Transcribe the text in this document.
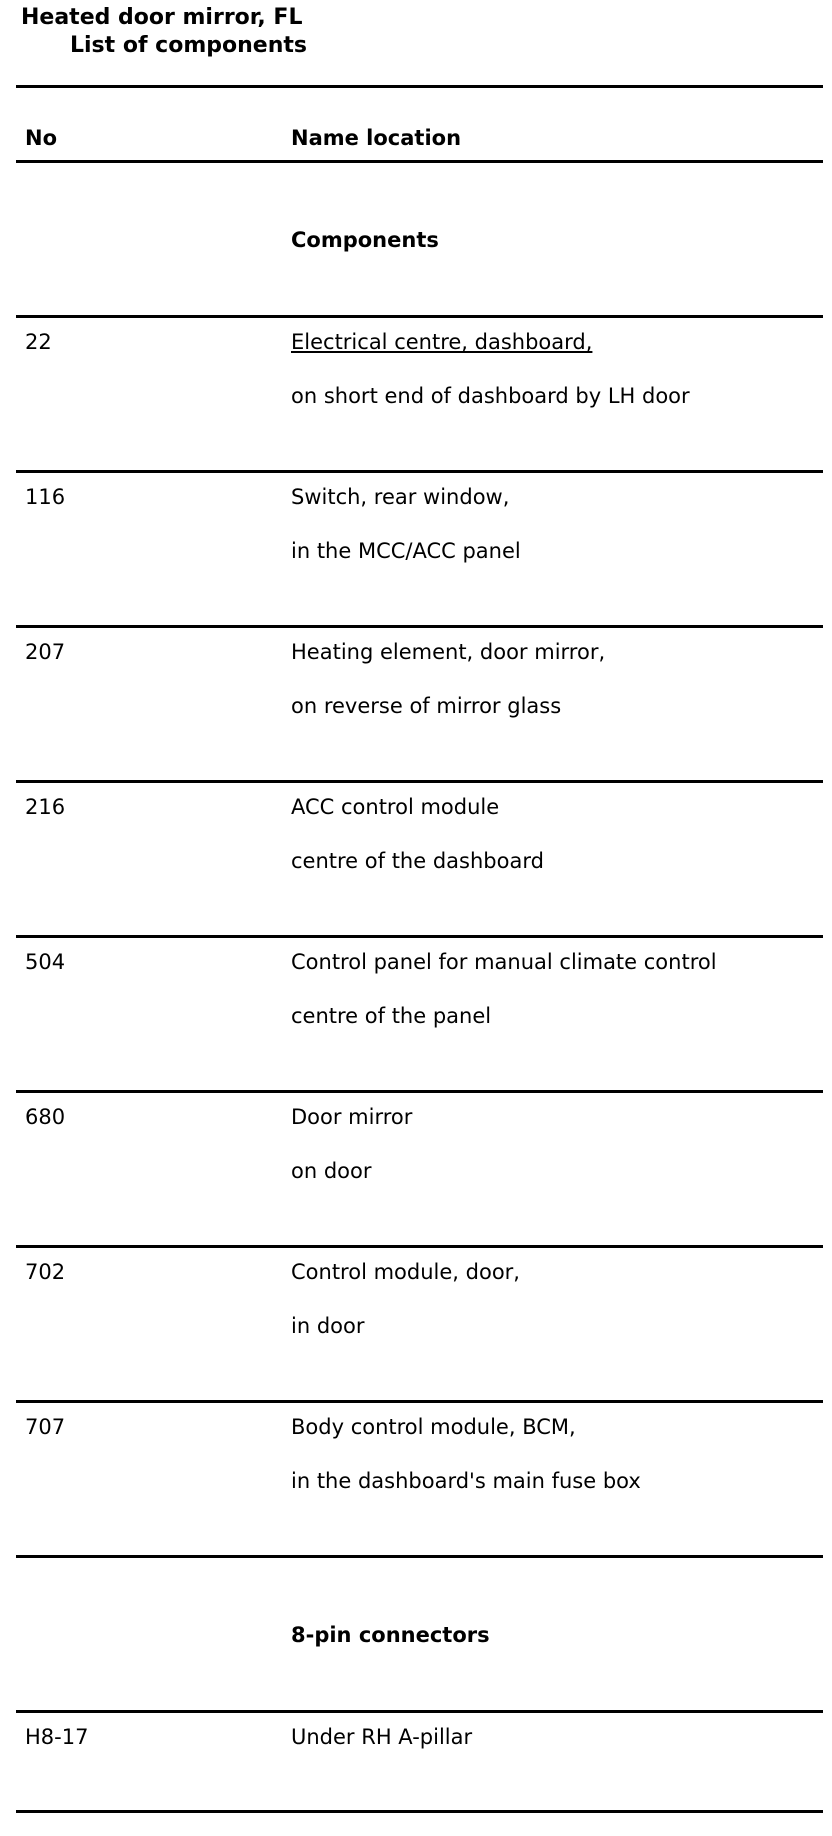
Heated door mirror, FL
List of components
No	Name location
Components
22	Electrical centre, dashboard,
on short end of dashboard by LH door
116	Switch, rear window,
in the MCC/ACC panel
207	Heating element, door mirror,
on reverse of mirror glass
216	ACC control module
centre of the dashboard
504	Control panel for manual climate control
centre of the panel
680	Door mirror
on door
702	Control module, door,
in door
707	Body control module, BCM,
in the dashboard's main fuse box
8-pin connectors
H8-17	Under RH A-pillar
